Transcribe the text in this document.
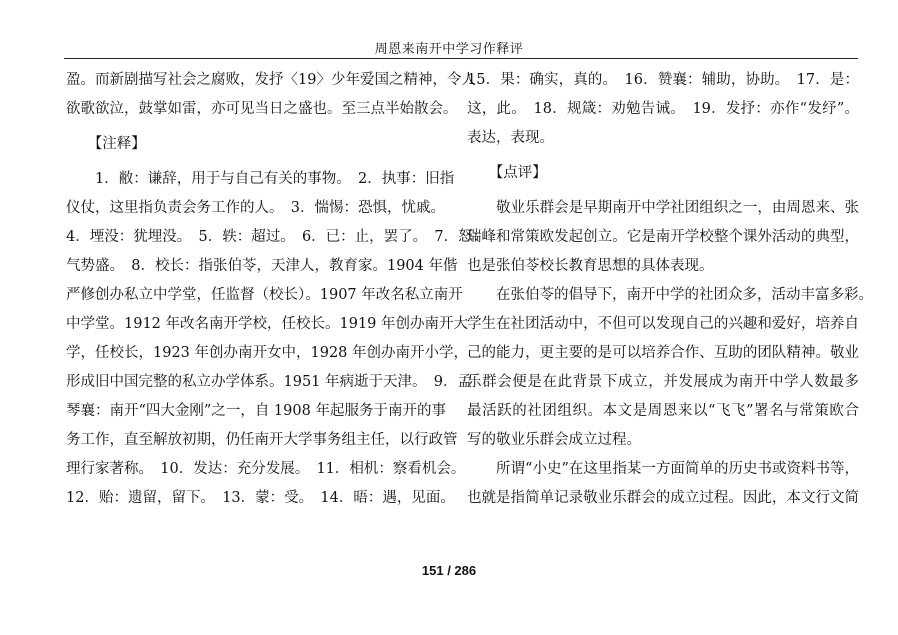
周恩来南开中学习作释评
盈。而新剧描写社会之腐败，发抒〈19〉少年爱国之精神，令人
欲歌欲泣，鼓掌如雷，亦可见当日之盛也。至三点半始散会。
　　【注释】
　　1．敝：谦辞，用于与自己有关的事物。　2．执事：旧指
仪仗，这里指负责会务工作的人。　3．惴惕：恐惧，忧戚。
4．堙没：犹埋没。　5．轶：超过。　6．已：止，罢了。　7．怒：
气势盛。　8．校长：指张伯苓，天津人，教育家。1904 年偕
严修创办私立中学堂，任监督（校长）。1907 年改名私立南开
中学堂。1912 年改名南开学校，任校长。1919 年创办南开大
学，任校长，1923 年创办南开女中，1928 年创办南开小学，
形成旧中国完整的私立办学体系。1951 年病逝于天津。　9．孟
琴襄：南开“四大金刚”之一，自 1908 年起服务于南开的事
务工作，直至解放初期，仍任南开大学事务组主任，以行政管
理行家著称。　10．发达：充分发展。　11．相机：察看机会。
12．贻：遗留，留下。　13．蒙：受。　14．晤：遇，见面。
15．果：确实，真的。　16．赞襄：辅助，协助。　17．是：
这，此。　18．规箴：劝勉告诫。　19．发抒：亦作“发纾”。
表达，表现。
　　【点评】
　　敬业乐群会是早期南开中学社团组织之一，由周恩来、张
瑞峰和常策欧发起创立。它是南开学校整个课外活动的典型，
也是张伯苓校长教育思想的具体表现。
　　在张伯苓的倡导下，南开中学的社团众多，活动丰富多彩。
学生在社团活动中，不但可以发现自己的兴趣和爱好，培养自
己的能力，更主要的是可以培养合作、互助的团队精神。敬业
乐群会便是在此背景下成立，并发展成为南开中学人数最多
最活跃的社团组织。本文是周恩来以“飞飞”署名与常策欧合
写的敬业乐群会成立过程。
　　所谓“小史”在这里指某一方面简单的历史书或资料书等，
也就是指简单记录敬业乐群会的成立过程。因此，本文行文简
151 / 286
